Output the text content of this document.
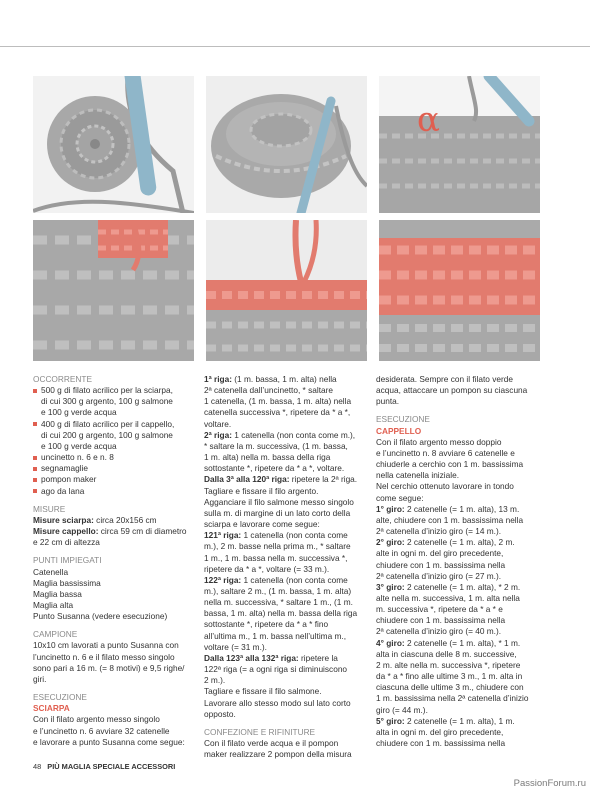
α

OCCORRENTE

500 g di filato acrilico per la sciarpa,
di cui 300 g argento, 100 g salmone
e 100 g verde acqua
400 g di filato acrilico per il cappello,
di cui 200 g argento, 100 g salmone
e 100 g verde acqua
uncinetto n. 6 e n. 8
segnamaglie
pompon maker
ago da lana

MISURE

Misure sciarpa: circa 20x156 cm

Misure cappello: circa 59 cm di diametro

e 22 cm di altezza

PUNTI IMPIEGATI

Catenella

Maglia bassissima

Maglia bassa

Maglia alta

Punto Susanna (vedere esecuzione)

CAMPIONE

10x10 cm lavorati a punto Susanna con

l’uncinetto n. 6 e il filato messo singolo

sono pari a 16 m. (= 8 motivi) e 9,5 righe/

giri.

ESECUZIONE

SCIARPA

Con il filato argento messo singolo

e l’uncinetto n. 6 avviare 32 catenelle

e lavorare a punto Susanna come segue:

1ª riga: (1 m. bassa, 1 m. alta) nella

2ª catenella dall’uncinetto, * saltare

1 catenella, (1 m. bassa, 1 m. alta) nella

catenella successiva *, ripetere da * a *,

voltare.

2ª riga: 1 catenella (non conta come m.),

* saltare la m. successiva, (1 m. bassa,

1 m. alta) nella m. bassa della riga

sottostante *, ripetere da * a *, voltare.

Dalla 3ª alla 120ª riga: ripetere la 2ª riga.

Tagliare e fissare il filo argento.

Agganciare il filo salmone messo singolo

sulla m. di margine di un lato corto della

sciarpa e lavorare come segue:

121ª riga: 1 catenella (non conta come

m.), 2 m. basse nella prima m., * saltare

1 m., 1 m. bassa nella m. successiva *,

ripetere da * a *, voltare (= 33 m.).

122ª riga: 1 catenella (non conta come

m.), saltare 2 m., (1 m. bassa, 1 m. alta)

nella m. successiva, * saltare 1 m., (1 m.

bassa, 1 m. alta) nella m. bassa della riga

sottostante *, ripetere da * a * fino

all’ultima m., 1 m. bassa nell’ultima m.,

voltare (= 31 m.).

Dalla 123ª alla 132ª riga: ripetere la

122ª riga (= a ogni riga si diminuiscono

2 m.).

Tagliare e fissare il filo salmone.

Lavorare allo stesso modo sul lato corto

opposto.

CONFEZIONE E RIFINITURE

Con il filato verde acqua e il pompon

maker realizzare 2 pompon della misura

desiderata. Sempre con il filato verde

acqua, attaccare un pompon su ciascuna

punta.

ESECUZIONE

CAPPELLO

Con il filato argento messo doppio

e l’uncinetto n. 8 avviare 6 catenelle e

chiuderle a cerchio con 1 m. bassissima

nella catenella iniziale.

Nel cerchio ottenuto lavorare in tondo

come segue:

1° giro: 2 catenelle (= 1 m. alta), 13 m.

alte, chiudere con 1 m. bassissima nella

2ª catenella d’inizio giro (= 14 m.).

2° giro: 2 catenelle (= 1 m. alta), 2 m.

alte in ogni m. del giro precedente,

chiudere con 1 m. bassissima nella

2ª catenella d’inizio giro (= 27 m.).

3° giro: 2 catenelle (= 1 m. alta), * 2 m.

alte nella m. successiva, 1 m. alta nella

m. successiva *, ripetere da * a * e

chiudere con 1 m. bassissima nella

2ª catenella d’inizio giro (= 40 m.).

4° giro: 2 catenelle (= 1 m. alta), * 1 m.

alta in ciascuna delle 8 m. successive,

2 m. alte nella m. successiva *, ripetere

da * a * fino alle ultime 3 m., 1 m. alta in

ciascuna delle ultime 3 m., chiudere con

1 m. bassissima nella 2ª catenella d’inizio

giro (= 44 m.).

5° giro: 2 catenelle (= 1 m. alta), 1 m.

alta in ogni m. del giro precedente,

chiudere con 1 m. bassissima nella

48 PIÙ MAGLIA SPECIALE ACCESSORI
PassionForum.ru
